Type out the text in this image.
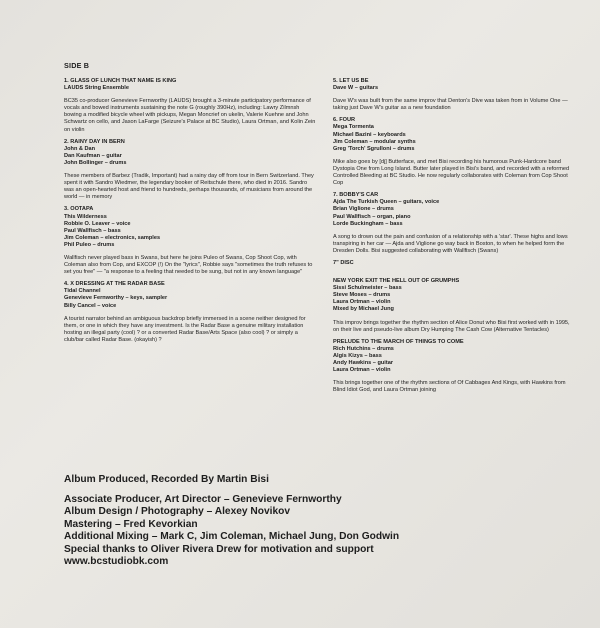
SIDE B
1. GLASS OF LUNCH THAT NAME IS KING
LAUDS String Ensemble
BC35 co-producer Genevieve Fernworthy (LAUDS) brought a 3-minute participatory performance of vocals and bowed instruments sustaining the note G (roughly 390Hz), including: Lawry Zilmnsh bowing a modified bicycle wheel with pickups, Megan Moncrief on ukelin, Valerie Kuehne and John Schwartz on cello, and Jason LaFarge (Seizure's Palace at BC Studio), Laura Ortman, and Kolin Zein on violin
2. RAINY DAY IN BERN
John & Dan
Dan Kaufman – guitar
John Bollinger – drums
These members of Barbez (Tradik, Important) had a rainy day off from tour in Bern Switzerland. They spent it with Sandro Wiedmer, the legendary booker of Reitschule there, who died in 2016. Sandro was an open-hearted host and friend to hundreds, perhaps thousands, of musicians from around the world — in memory
3. OOTAPA
This Wilderness
Robbie O. Leaver – voice
Paul Wallfisch – bass
Jim Coleman – electronics, samples
Phil Puleo – drums
Wallfisch never played bass in Swans, but here he joins Puleo of Swans, Cop Shoot Cop, with Coleman also from Cop, and EXCOP (!) On the "lyrics", Robbie says "sometimes the truth refuses to set you free" — "a response to a feeling that needed to be sung, but not in any known language"
4. X DRESSING AT THE RADAR BASE
Tidal Channel
Genevieve Fernworthy – keys, sampler
Billy Cancel – voice
A tourist narrator behind an ambiguous backdrop briefly immersed in a scene neither designed for them, or one in which they have any investment. Is the Radar Base a genuine military installation hosting an illegal party (cool) ? or a converted Radar Base/Arts Space (also cool) ? or simply a club/bar called Radar Base. (okayish) ?
5. LET US BE
Dave W – guitars
Dave W's was built from the same improv that Denton's Dive was taken from in Volume One — taking just Dave W's guitar as a new foundation
6. FOUR
Mega Tormenta
Michael Bazini – keyboards
Jim Coleman – modular synths
Greg 'Torch' Sgrulloni – drums
Mike also goes by [dj] Butterface, and met Bisi recording his humorous Punk-Hardcore band Dystopia One from Long Island. Butter later played in Bisi's band, and recorded with a reformed Controlled Bleeding at BC Studio. He now regularly collaborates with Coleman from Cop Shoot Cop
7. BOBBY'S CAR
Ajda The Turkish Queen – guitars, voice
Brian Viglione – drums
Paul Wallfisch – organ, piano
Lorde Buckingham – bass
A song to drown out the pain and confusion of a relationship with a 'star'. These highs and lows transpiring in her car — Ajda and Viglione go way back in Boston, to when he helped form the Dresden Dolls. Bisi suggested collaborating with Wallfisch (Swans)
7" DISC
NEW YORK EXIT THE HELL OUT OF GRUMPHS
Sissi Schulmeister – bass
Steve Moses – drums
Laura Ortman – violin
Mixed by Michael Jung
This improv brings together the rhythm section of Alice Donut who Bisi first worked with in 1995, on their live and pseudo-live album Dry Humping The Cash Cow (Alternative Tentacles)
PRELUDE TO THE MARCH OF THINGS TO COME
Rich Hutchins – drums
Algis Kizys – bass
Andy Hawkins – guitar
Laura Ortman – violin
This brings together one of the rhythm sections of Of Cabbages And Kings, with Hawkins from Blind Idiot God, and Laura Ortman joining
Album Produced, Recorded By Martin Bisi
Associate Producer, Art Director – Genevieve Fernworthy
Album Design / Photography – Alexey Novikov
Mastering – Fred Kevorkian
Additional Mixing – Mark C, Jim Coleman, Michael Jung, Don Godwin
Special thanks to Oliver Rivera Drew for motivation and support
www.bcstudiobk.com
